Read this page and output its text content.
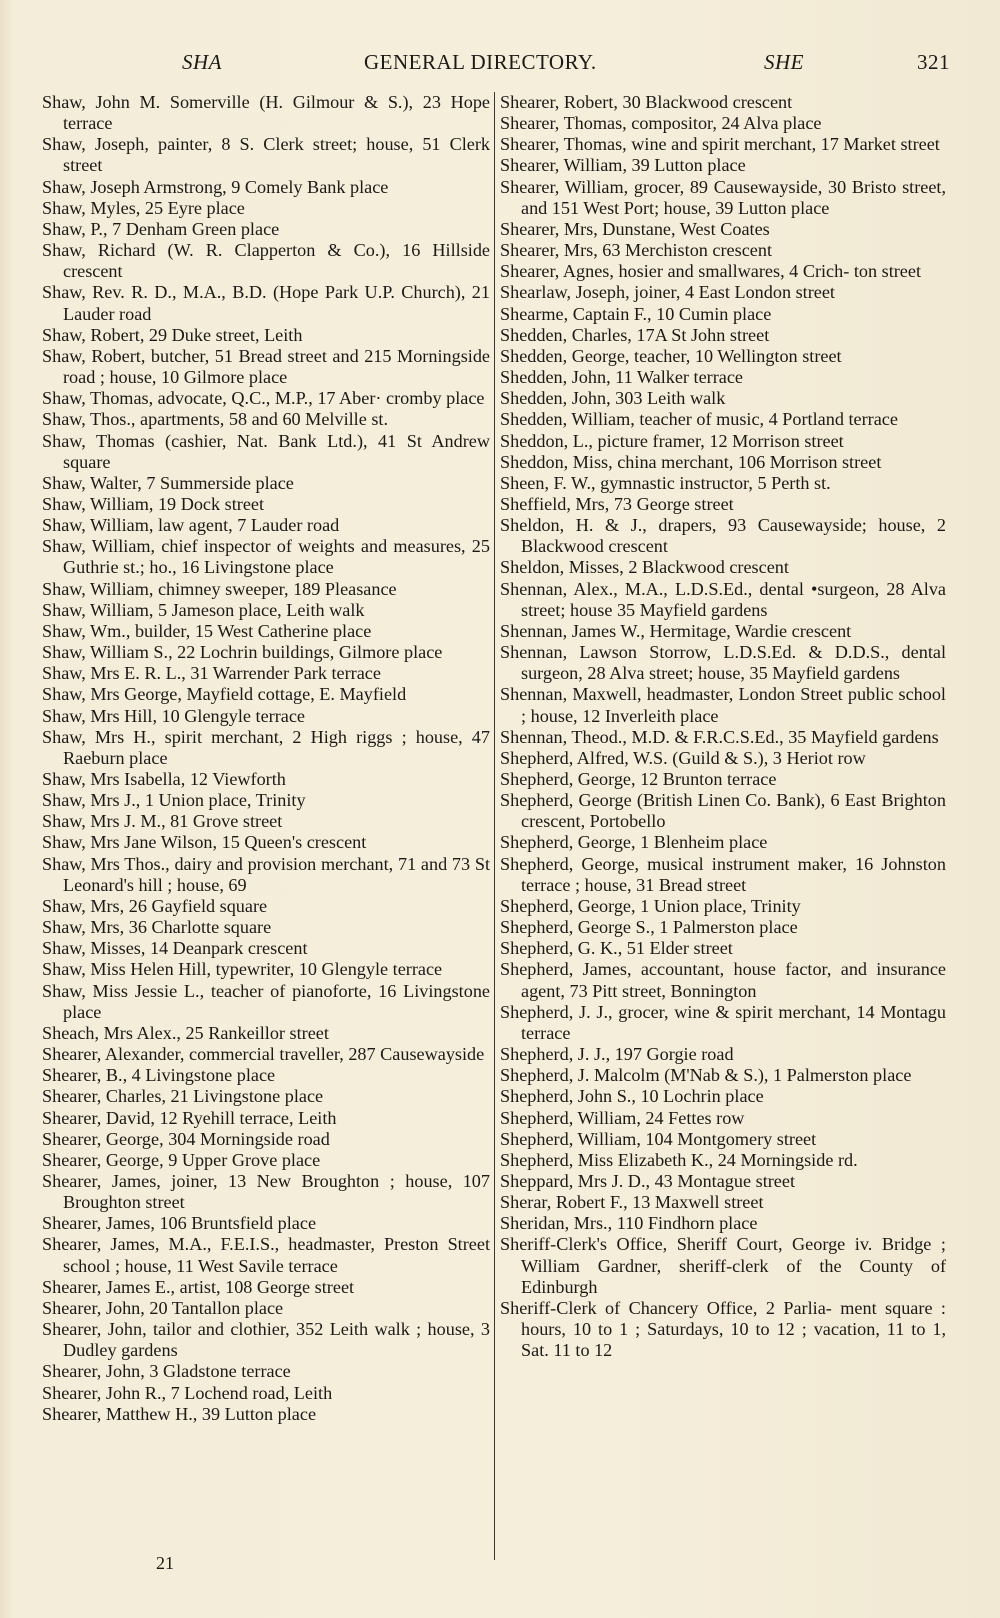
SHA	GENERAL DIRECTORY.	SHE	321

Shaw, John M. Somerville (H. Gilmour & S.), 23 Hope terrace

Shaw, Joseph, painter, 8 S. Clerk street; house, 51 Clerk street

Shaw, Joseph Armstrong, 9 Comely Bank place

Shaw, Myles, 25 Eyre place

Shaw, P., 7 Denham Green place

Shaw, Richard (W. R. Clapperton & Co.), 16 Hillside crescent

Shaw, Rev. R. D., M.A., B.D. (Hope Park U.P. Church), 21 Lauder road

Shaw, Robert, 29 Duke street, Leith

Shaw, Robert, butcher, 51 Bread street and 215 Morningside road ; house, 10 Gilmore place

Shaw, Thomas, advocate, Q.C., M.P., 17 Aber· cromby place

Shaw, Thos., apartments, 58 and 60 Melville st.

Shaw, Thomas (cashier, Nat. Bank Ltd.), 41 St Andrew square

Shaw, Walter, 7 Summerside place

Shaw, William, 19 Dock street

Shaw, William, law agent, 7 Lauder road

Shaw, William, chief inspector of weights and measures, 25 Guthrie st.; ho., 16 Livingstone place

Shaw, William, chimney sweeper, 189 Pleasance

Shaw, William, 5 Jameson place, Leith walk

Shaw, Wm., builder, 15 West Catherine place

Shaw, William S., 22 Lochrin buildings, Gilmore place

Shaw, Mrs E. R. L., 31 Warrender Park terrace

Shaw, Mrs George, Mayfield cottage, E. Mayfield

Shaw, Mrs Hill, 10 Glengyle terrace

Shaw, Mrs H., spirit merchant, 2 High riggs ; house, 47 Raeburn place

Shaw, Mrs Isabella, 12 Viewforth

Shaw, Mrs J., 1 Union place, Trinity

Shaw, Mrs J. M., 81 Grove street

Shaw, Mrs Jane Wilson, 15 Queen's crescent

Shaw, Mrs Thos., dairy and provision merchant, 71 and 73 St Leonard's hill ; house, 69

Shaw, Mrs, 26 Gayfield square

Shaw, Mrs, 36 Charlotte square

Shaw, Misses, 14 Deanpark crescent

Shaw, Miss Helen Hill, typewriter, 10 Glengyle terrace

Shaw, Miss Jessie L., teacher of pianoforte, 16 Livingstone place

Sheach, Mrs Alex., 25 Rankeillor street

Shearer, Alexander, commercial traveller, 287 Causewayside

Shearer, B., 4 Livingstone place

Shearer, Charles, 21 Livingstone place

Shearer, David, 12 Ryehill terrace, Leith

Shearer, George, 304 Morningside road

Shearer, George, 9 Upper Grove place

Shearer, James, joiner, 13 New Broughton ; house, 107 Broughton street

Shearer, James, 106 Bruntsfield place

Shearer, James, M.A., F.E.I.S., headmaster, Preston Street school ; house, 11 West Savile terrace

Shearer, James E., artist, 108 George street

Shearer, John, 20 Tantallon place

Shearer, John, tailor and clothier, 352 Leith walk ; house, 3 Dudley gardens

Shearer, John, 3 Gladstone terrace

Shearer, John R., 7 Lochend road, Leith

Shearer, Matthew H., 39 Lutton place

Shearer, Robert, 30 Blackwood crescent

Shearer, Thomas, compositor, 24 Alva place

Shearer, Thomas, wine and spirit merchant, 17 Market street

Shearer, William, 39 Lutton place

Shearer, William, grocer, 89 Causewayside, 30 Bristo street, and 151 West Port; house, 39 Lutton place

Shearer, Mrs, Dunstane, West Coates

Shearer, Mrs, 63 Merchiston crescent

Shearer, Agnes, hosier and smallwares, 4 Crich- ton street

Shearlaw, Joseph, joiner, 4 East London street

Shearme, Captain F., 10 Cumin place

Shedden, Charles, 17A St John street

Shedden, George, teacher, 10 Wellington street

Shedden, John, 11 Walker terrace

Shedden, John, 303 Leith walk

Shedden, William, teacher of music, 4 Portland terrace

Sheddon, L., picture framer, 12 Morrison street

Sheddon, Miss, china merchant, 106 Morrison street

Sheen, F. W., gymnastic instructor, 5 Perth st.

Sheffield, Mrs, 73 George street

Sheldon, H. & J., drapers, 93 Causewayside; house, 2 Blackwood crescent

Sheldon, Misses, 2 Blackwood crescent

Shennan, Alex., M.A., L.D.S.Ed., dental •surgeon, 28 Alva street; house 35 Mayfield gardens

Shennan, James W., Hermitage, Wardie crescent

Shennan, Lawson Storrow, L.D.S.Ed. & D.D.S., dental surgeon, 28 Alva street; house, 35 Mayfield gardens

Shennan, Maxwell, headmaster, London Street public school ; house, 12 Inverleith place

Shennan, Theod., M.D. & F.R.C.S.Ed., 35 Mayfield gardens

Shepherd, Alfred, W.S. (Guild & S.), 3 Heriot row

Shepherd, George, 12 Brunton terrace

Shepherd, George (British Linen Co. Bank), 6 East Brighton crescent, Portobello

Shepherd, George, 1 Blenheim place

Shepherd, George, musical instrument maker, 16 Johnston terrace ; house, 31 Bread street

Shepherd, George, 1 Union place, Trinity

Shepherd, George S., 1 Palmerston place

Shepherd, G. K., 51 Elder street

Shepherd, James, accountant, house factor, and insurance agent, 73 Pitt street, Bonnington

Shepherd, J. J., grocer, wine & spirit merchant, 14 Montagu terrace

Shepherd, J. J., 197 Gorgie road

Shepherd, J. Malcolm (M'Nab & S.), 1 Palmerston place

Shepherd, John S., 10 Lochrin place

Shepherd, William, 24 Fettes row

Shepherd, William, 104 Montgomery street

Shepherd, Miss Elizabeth K., 24 Morningside rd.

Sheppard, Mrs J. D., 43 Montague street

Sherar, Robert F., 13 Maxwell street

Sheridan, Mrs., 110 Findhorn place

Sheriff-Clerk's Office, Sheriff Court, George iv. Bridge ; William Gardner, sheriff-clerk of the County of Edinburgh

Sheriff-Clerk of Chancery Office, 2 Parlia- ment square : hours, 10 to 1 ; Saturdays, 10 to 12 ; vacation, 11 to 1, Sat. 11 to 12

21
